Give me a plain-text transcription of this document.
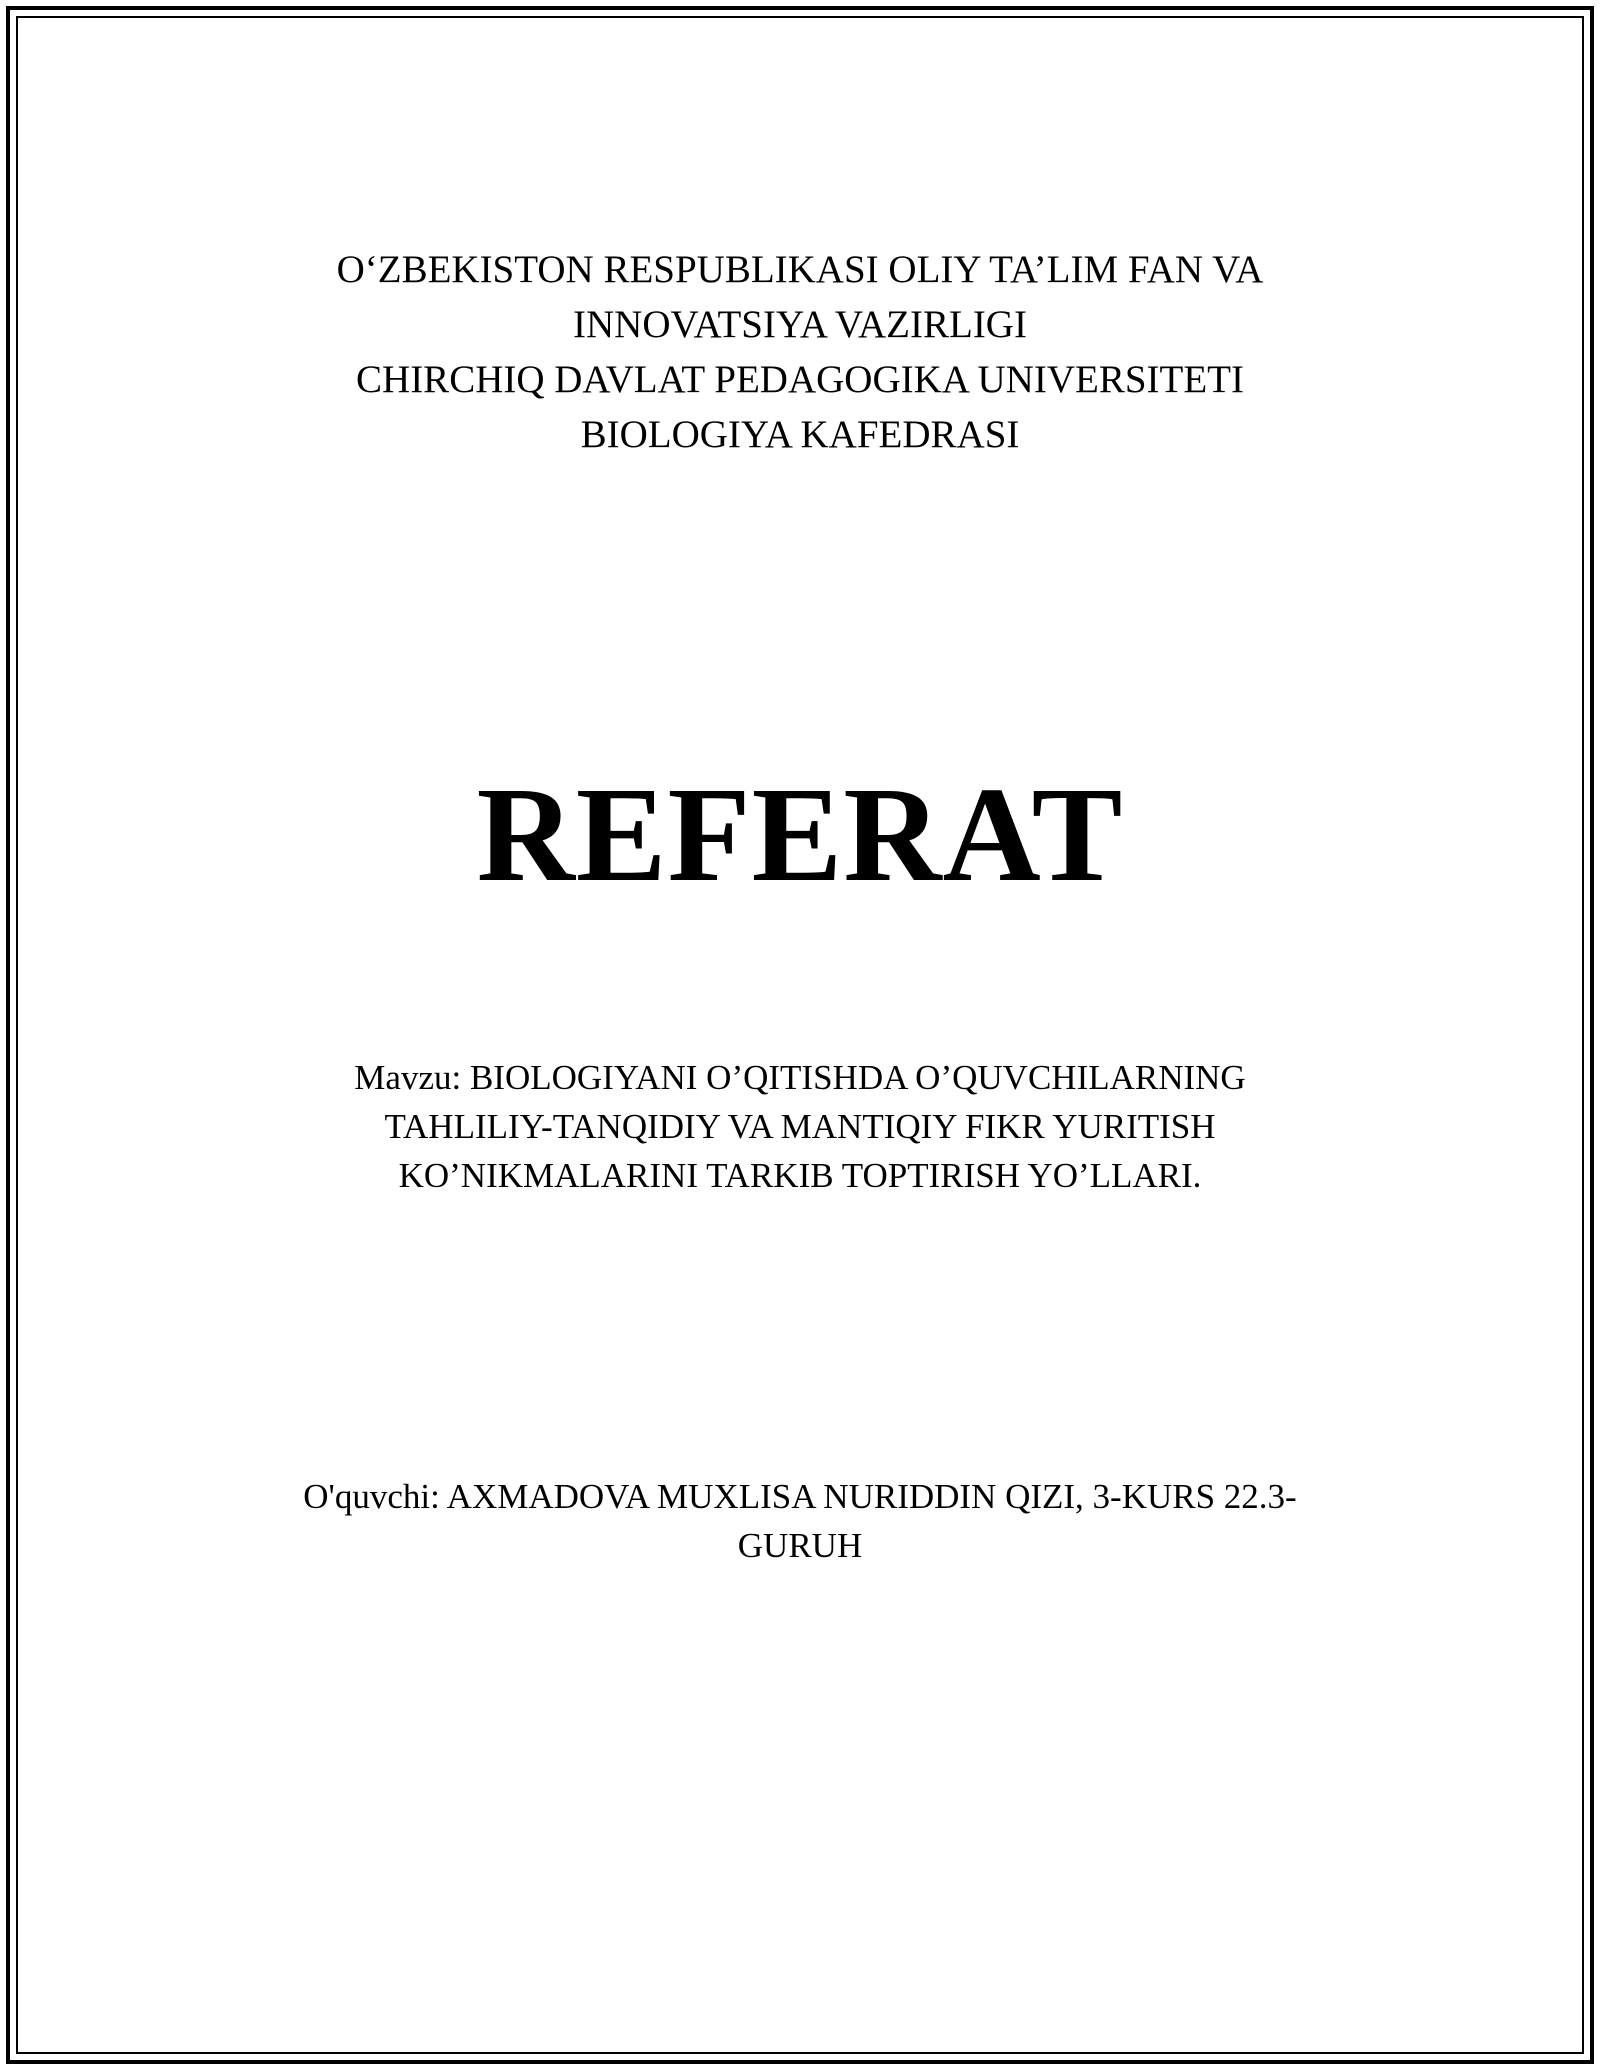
O‘ZBEKISTON RESPUBLIKASI OLIY TA’LIM FAN VA
INNOVATSIYA VAZIRLIGI
CHIRCHIQ DAVLAT PEDAGOGIKA UNIVERSITETI
BIOLOGIYA KAFEDRASI
REFERAT
Mavzu: BIOLOGIYANI O’QITISHDA O’QUVCHILARNING
TAHLILIY-TANQIDIY VA MANTIQIY FIKR YURITISH
KO’NIKMALARINI TARKIB TOPTIRISH YO’LLARI.
O'quvchi: AXMADOVA MUXLISA NURIDDIN QIZI, 3-KURS 22.3-
GURUH
